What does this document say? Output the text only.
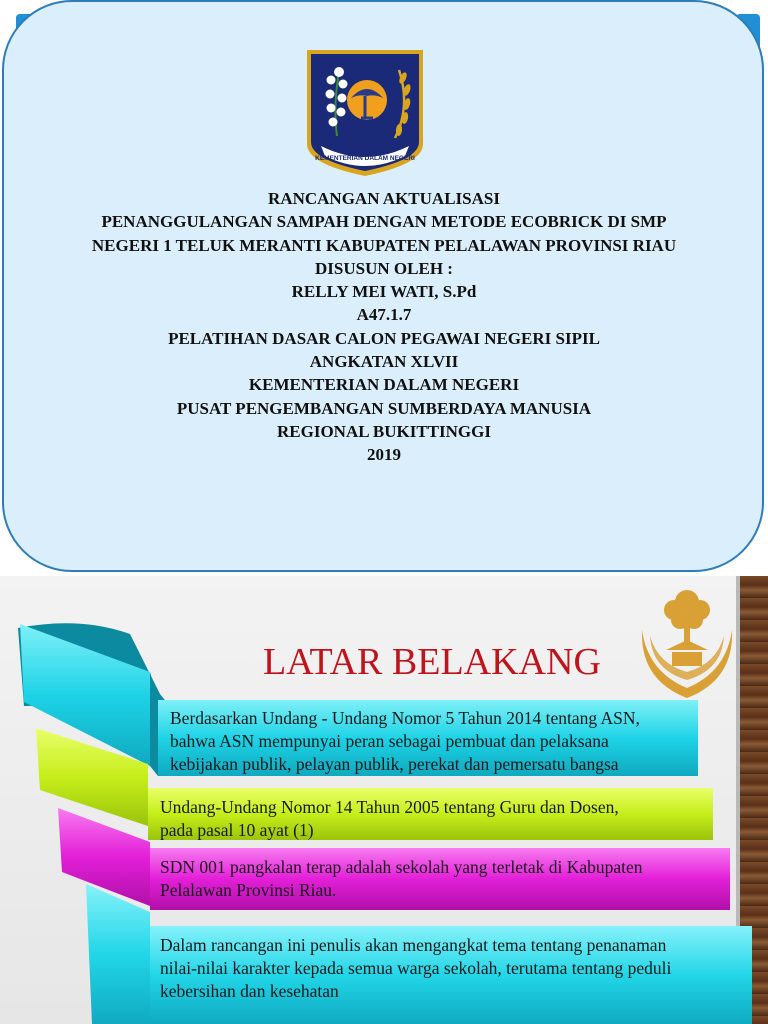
KEMENTERIAN DALAM NEGERI
RANCANGAN AKTUALISASI
PENANGGULANGAN SAMPAH DENGAN METODE ECOBRICK DI SMP
NEGERI 1 TELUK MERANTI KABUPATEN PELALAWAN PROVINSI RIAU
DISUSUN OLEH :
RELLY MEI WATI, S.Pd
A47.1.7
PELATIHAN DASAR CALON PEGAWAI NEGERI SIPIL
ANGKATAN XLVII
KEMENTERIAN DALAM NEGERI
PUSAT PENGEMBANGAN SUMBERDAYA MANUSIA
REGIONAL BUKITTINGGI
2019
LATAR BELAKANG
Berdasarkan Undang - Undang Nomor 5 Tahun 2014 tentang ASN,
bahwa ASN mempunyai peran sebagai pembuat dan pelaksana
kebijakan publik, pelayan publik, perekat dan pemersatu bangsa
Undang-Undang Nomor 14 Tahun 2005 tentang Guru dan Dosen,
pada pasal 10 ayat (1)
SDN 001 pangkalan terap adalah sekolah yang terletak di Kabupaten
Pelalawan Provinsi Riau.
Dalam rancangan ini penulis akan mengangkat tema tentang penanaman
nilai-nilai karakter kepada semua warga sekolah, terutama tentang peduli
kebersihan dan kesehatan
